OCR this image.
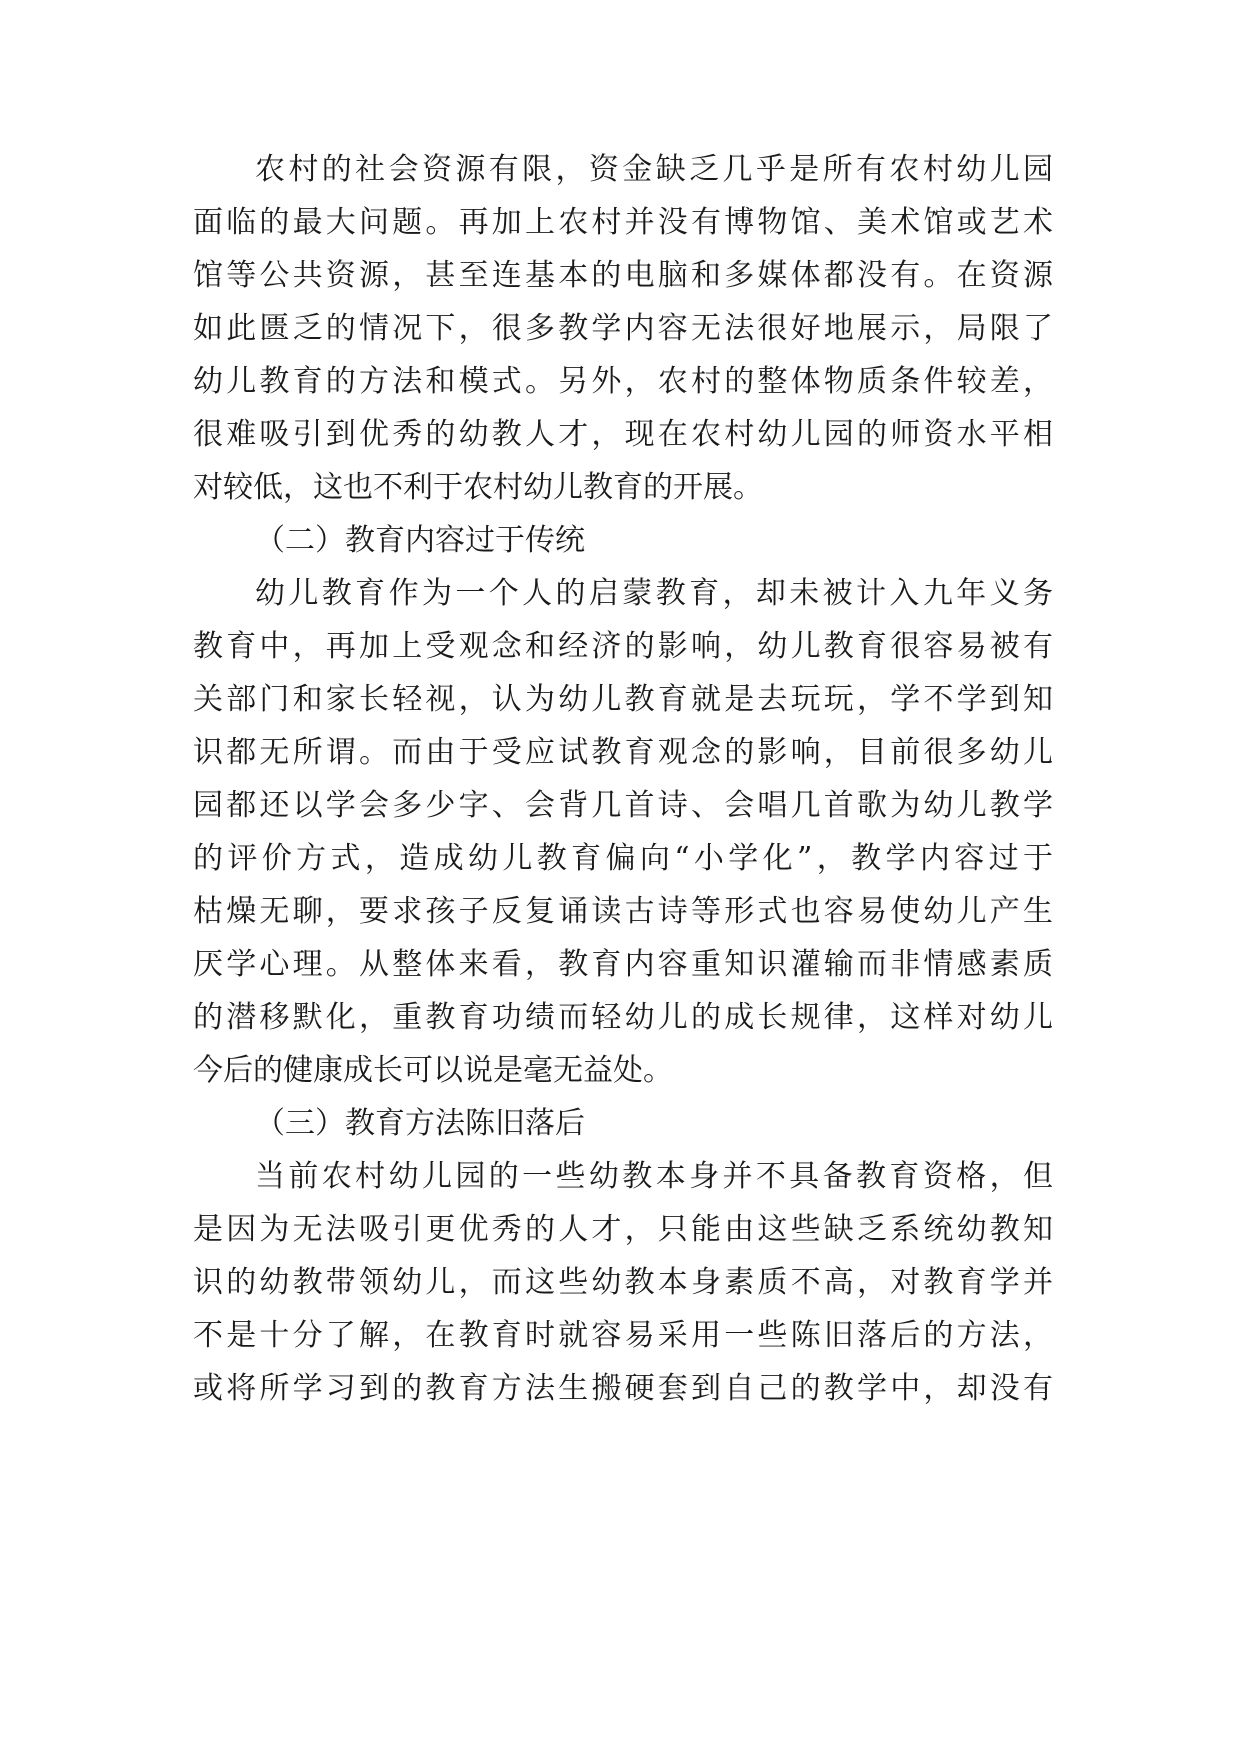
农村的社会资源有限，资金缺乏几乎是所有农村幼儿园

面临的最大问题。再加上农村并没有博物馆、美术馆或艺术

馆等公共资源，甚至连基本的电脑和多媒体都没有。在资源

如此匮乏的情况下，很多教学内容无法很好地展示，局限了

幼儿教育的方法和模式。另外，农村的整体物质条件较差，

很难吸引到优秀的幼教人才，现在农村幼儿园的师资水平相

对较低，这也不利于农村幼儿教育的开展。

（二）教育内容过于传统

幼儿教育作为一个人的启蒙教育，却未被计入九年义务

教育中，再加上受观念和经济的影响，幼儿教育很容易被有

关部门和家长轻视，认为幼儿教育就是去玩玩，学不学到知

识都无所谓。而由于受应试教育观念的影响，目前很多幼儿

园都还以学会多少字、会背几首诗、会唱几首歌为幼儿教学

的评价方式，造成幼儿教育偏向“小学化”，教学内容过于

枯燥无聊，要求孩子反复诵读古诗等形式也容易使幼儿产生

厌学心理。从整体来看，教育内容重知识灌输而非情感素质

的潜移默化，重教育功绩而轻幼儿的成长规律，这样对幼儿

今后的健康成长可以说是毫无益处。

（三）教育方法陈旧落后

当前农村幼儿园的一些幼教本身并不具备教育资格，但

是因为无法吸引更优秀的人才，只能由这些缺乏系统幼教知

识的幼教带领幼儿，而这些幼教本身素质不高，对教育学并

不是十分了解，在教育时就容易采用一些陈旧落后的方法，

或将所学习到的教育方法生搬硬套到自己的教学中，却没有
